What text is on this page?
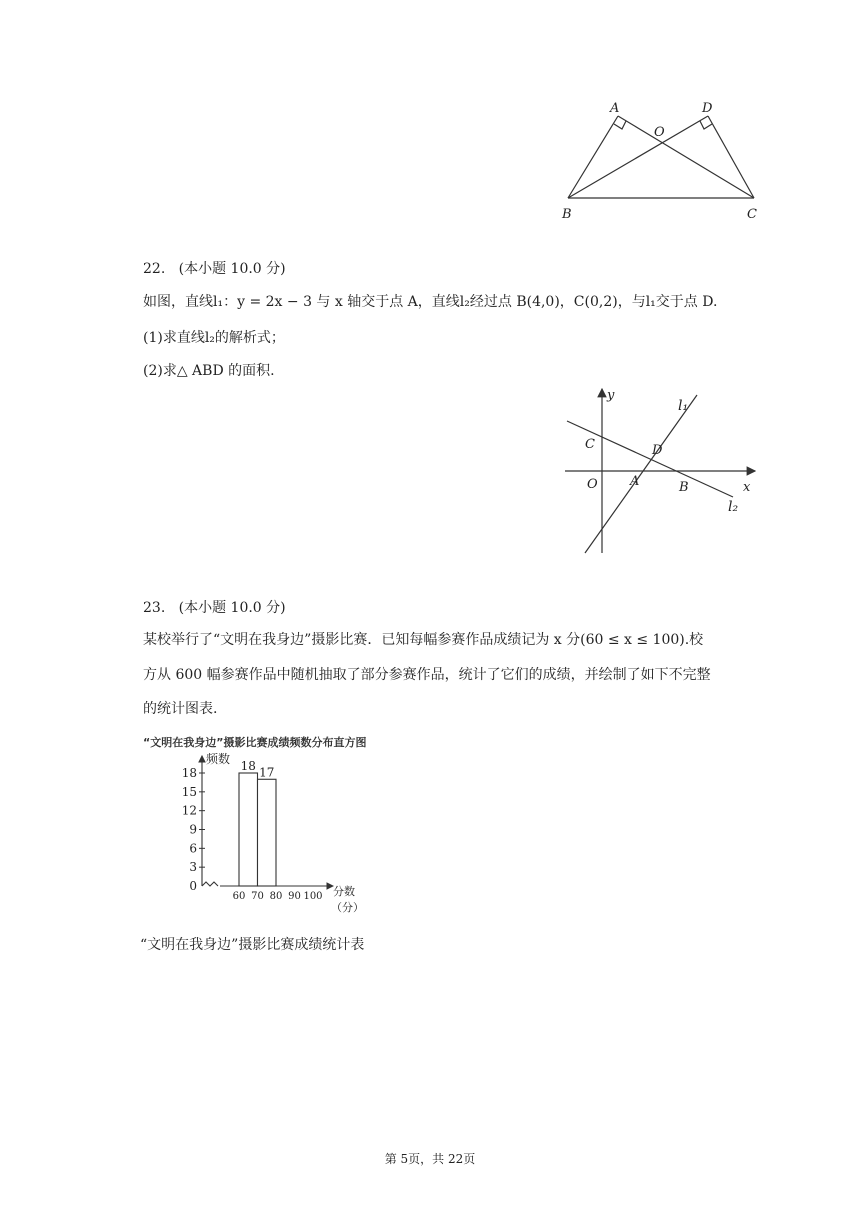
A	D
O
B	C
22. (本小题 10.0 分)
如图，直线l₁：y = 2x − 3 与 x 轴交于点 A，直线l₂经过点 B(4,0)，C(0,2)，与l₁交于点 D.
(1)求直线l₂的解析式；
(2)求△ ABD 的面积.
y
l₁
C	D
O A	B	x
l₂
23. (本小题 10.0 分)
某校举行了“文明在我身边”摄影比赛．已知每幅参赛作品成绩记为 x 分(60 ≤ x ≤ 100).校
方从 600 幅参赛作品中随机抽取了部分参赛作品，统计了它们的成绩，并绘制了如下不完整
的统计图表.
“文明在我身边”摄影比赛成绩频数分布直方图
频数
分数
（分）
0
3
6
9
12
15
18
60 70 80 90 100
18 17
“文明在我身边”摄影比赛成绩统计表
第 5页，共 22页
